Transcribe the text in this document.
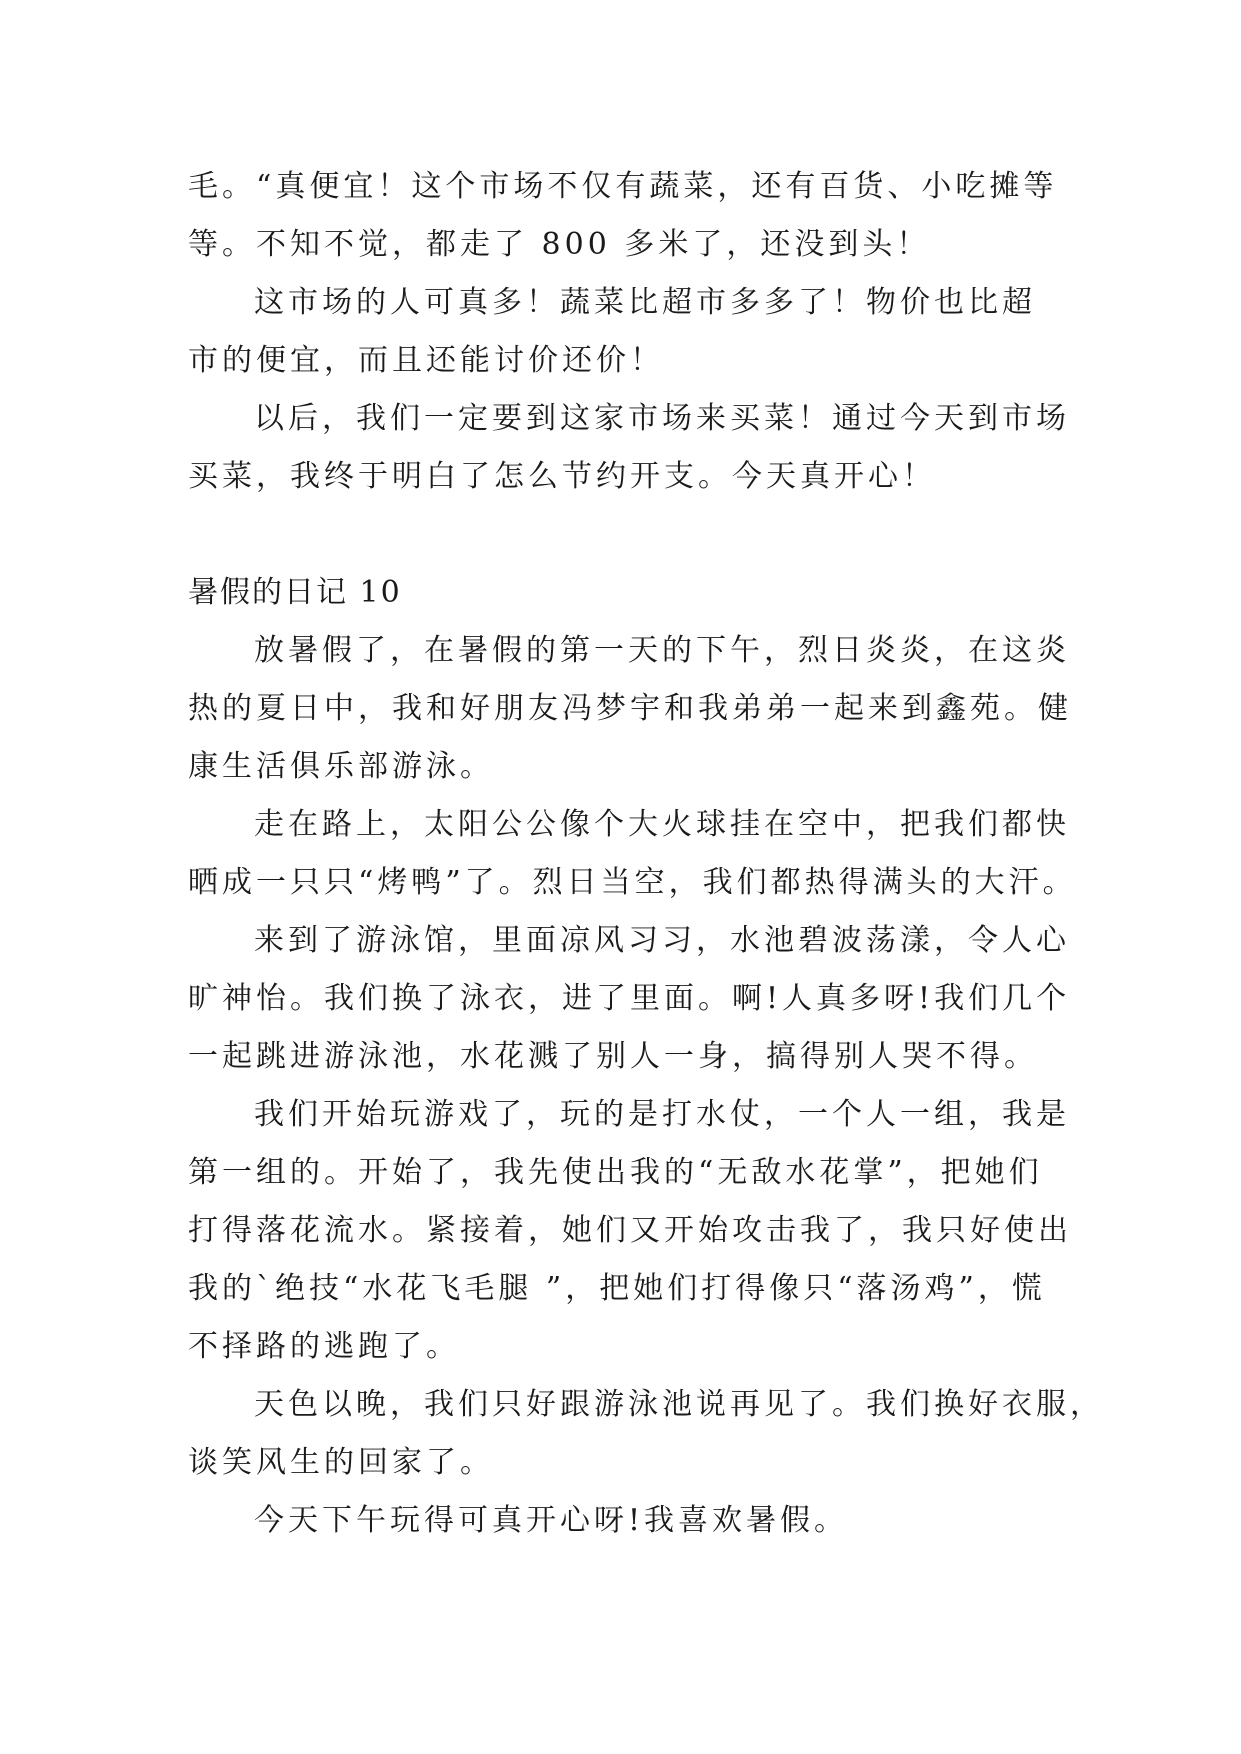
毛。“真便宜！这个市场不仅有蔬菜，还有百货、小吃摊等
等。不知不觉，都走了 800 多米了，还没到头！
这市场的人可真多！蔬菜比超市多多了！物价也比超
市的便宜，而且还能讨价还价！
以后，我们一定要到这家市场来买菜！通过今天到市场
买菜，我终于明白了怎么节约开支。今天真开心！
暑假的日记 10
放暑假了，在暑假的第一天的下午，烈日炎炎，在这炎
热的夏日中，我和好朋友冯梦宇和我弟弟一起来到鑫苑。健
康生活俱乐部游泳。
走在路上，太阳公公像个大火球挂在空中，把我们都快
晒成一只只“烤鸭”了。烈日当空，我们都热得满头的大汗。
来到了游泳馆，里面凉风习习，水池碧波荡漾，令人心
旷神怡。我们换了泳衣，进了里面。啊!人真多呀!我们几个
一起跳进游泳池，水花溅了别人一身，搞得别人哭不得。
我们开始玩游戏了，玩的是打水仗，一个人一组，我是
第一组的。开始了，我先使出我的“无敌水花掌”，把她们
打得落花流水。紧接着，她们又开始攻击我了，我只好使出
我的`绝技“水花飞毛腿 ”，把她们打得像只“落汤鸡”，慌
不择路的逃跑了。
天色以晚，我们只好跟游泳池说再见了。我们换好衣服，
谈笑风生的回家了。
今天下午玩得可真开心呀!我喜欢暑假。
